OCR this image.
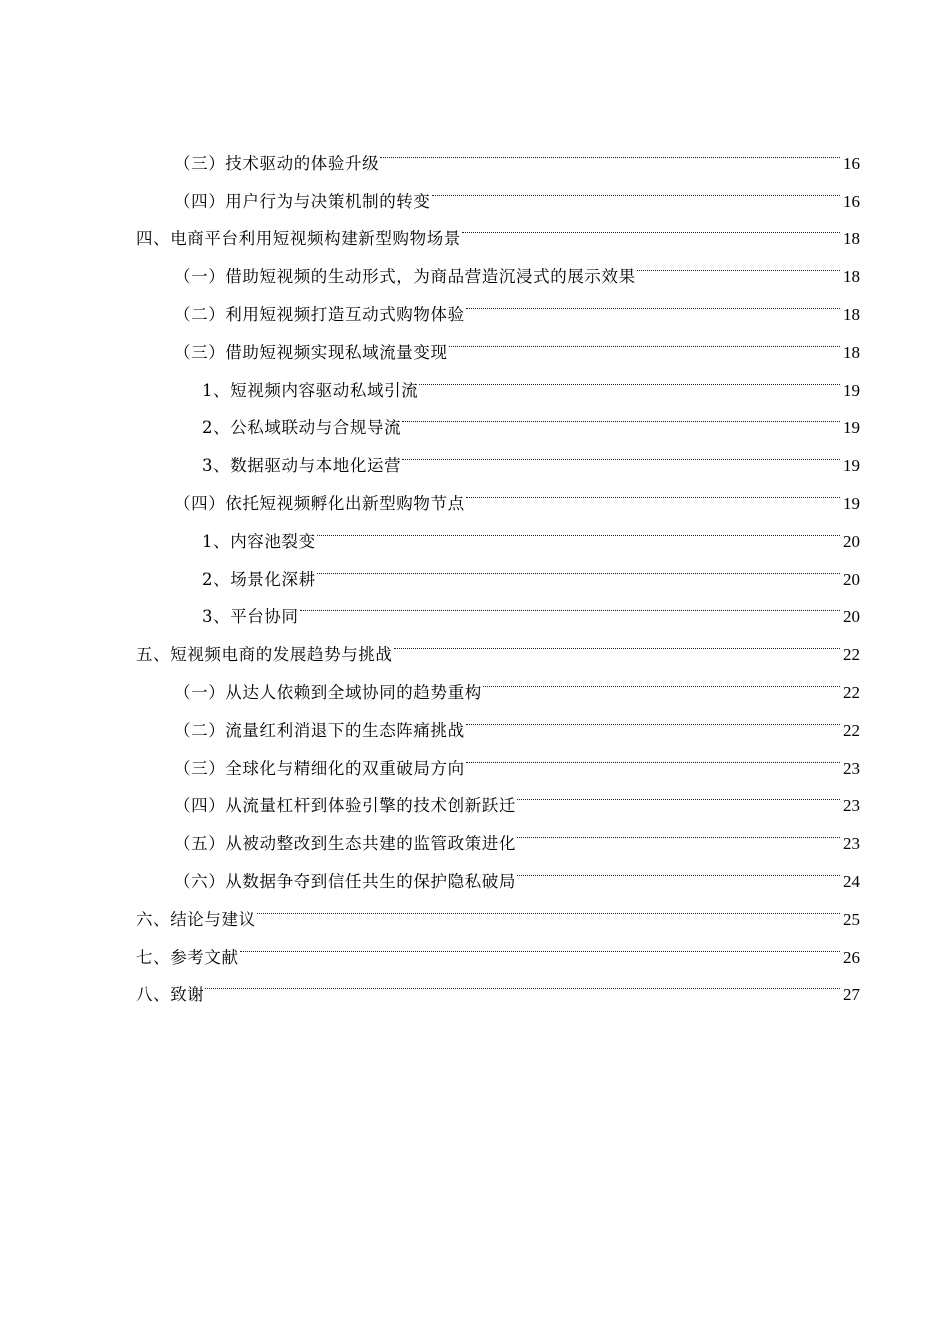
（三）技术驱动的体验升级	16
（四）用户行为与决策机制的转变	16
四、电商平台利用短视频构建新型购物场景	18
（一）借助短视频的生动形式，为商品营造沉浸式的展示效果	18
（二）利用短视频打造互动式购物体验	18
（三）借助短视频实现私域流量变现	18
1、短视频内容驱动私域引流	19
2、公私域联动与合规导流	19
3、数据驱动与本地化运营	19
（四）依托短视频孵化出新型购物节点	19
1、内容池裂变	20
2、场景化深耕	20
3、平台协同	20
五、短视频电商的发展趋势与挑战	22
（一）从达人依赖到全域协同的趋势重构	22
（二）流量红利消退下的生态阵痛挑战	22
（三）全球化与精细化的双重破局方向	23
（四）从流量杠杆到体验引擎的技术创新跃迁	23
（五）从被动整改到生态共建的监管政策进化	23
（六）从数据争夺到信任共生的保护隐私破局	24
六、结论与建议	25
七、参考文献	26
八、致谢	27
